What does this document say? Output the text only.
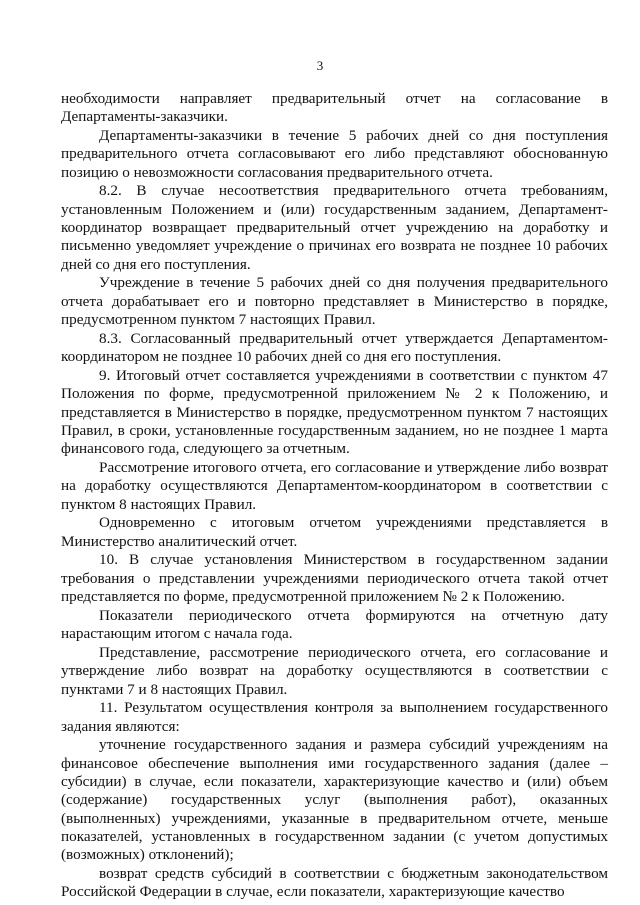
3

необходимости направляет предварительный отчет на согласование в Департаменты-заказчики.

Департаменты-заказчики в течение 5 рабочих дней со дня поступления предварительного отчета согласовывают его либо представляют обоснованную позицию о невозможности согласования предварительного отчета.

8.2. В случае несоответствия предварительного отчета требованиям, установленным Положением и (или) государственным заданием, Департамент-координатор возвращает предварительный отчет учреждению на доработку и письменно уведомляет учреждение о причинах его возврата не позднее 10 рабочих дней со дня его поступления.

Учреждение в течение 5 рабочих дней со дня получения предварительного отчета дорабатывает его и повторно представляет в Министерство в порядке, предусмотренном пунктом 7 настоящих Правил.

8.3. Согласованный предварительный отчет утверждается Департаментом-координатором не позднее 10 рабочих дней со дня его поступления.

9. Итоговый отчет составляется учреждениями в соответствии с пунктом 47 Положения по форме, предусмотренной приложением № 2 к Положению, и представляется в Министерство в порядке, предусмотренном пунктом 7 настоящих Правил, в сроки, установленные государственным заданием, но не позднее 1 марта финансового года, следующего за отчетным.

Рассмотрение итогового отчета, его согласование и утверждение либо возврат на доработку осуществляются Департаментом-координатором в соответствии с пунктом 8 настоящих Правил.

Одновременно с итоговым отчетом учреждениями представляется в Министерство аналитический отчет.

10. В случае установления Министерством в государственном задании требования о представлении учреждениями периодического отчета такой отчет представляется по форме, предусмотренной приложением № 2 к Положению.

Показатели периодического отчета формируются на отчетную дату нарастающим итогом с начала года.

Представление, рассмотрение периодического отчета, его согласование и утверждение либо возврат на доработку осуществляются в соответствии с пунктами 7 и 8 настоящих Правил.

11. Результатом осуществления контроля за выполнением государственного задания являются:

уточнение государственного задания и размера субсидий учреждениям на финансовое обеспечение выполнения ими государственного задания (далее – субсидии) в случае, если показатели, характеризующие качество и (или) объем (содержание) государственных услуг (выполнения работ), оказанных (выполненных) учреждениями, указанные в предварительном отчете, меньше показателей, установленных в государственном задании (с учетом допустимых (возможных) отклонений);

возврат средств субсидий в соответствии с бюджетным законодательством Российской Федерации в случае, если показатели, характеризующие качество
